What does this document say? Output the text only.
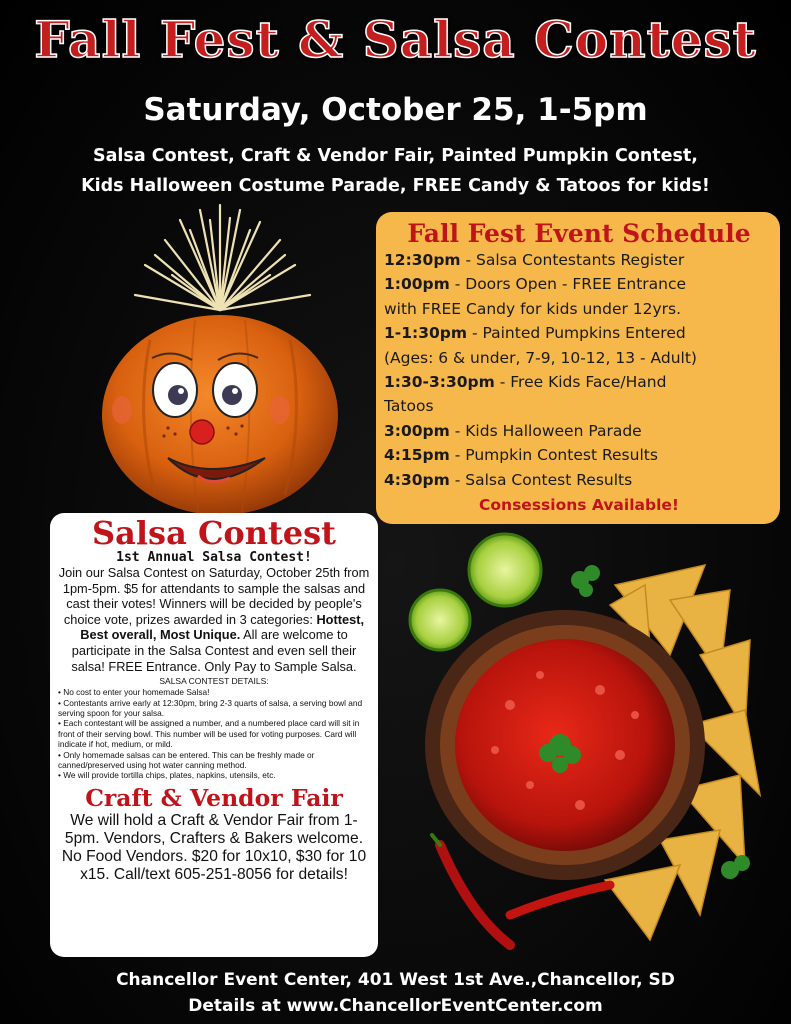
Fall Fest & Salsa Contest
Saturday, October 25, 1-5pm
Salsa Contest, Craft & Vendor Fair, Painted Pumpkin Contest,
Kids Halloween Costume Parade, FREE Candy & Tatoos for kids!
Fall Fest Event Schedule
12:30pm - Salsa Contestants Register
1:00pm - Doors Open - FREE Entrance
with FREE Candy for kids under 12yrs.
1-1:30pm - Painted Pumpkins Entered
(Ages: 6 & under, 7-9, 10-12, 13 - Adult)
1:30-3:30pm - Free Kids Face/Hand
Tatoos
3:00pm - Kids Halloween Parade
4:15pm - Pumpkin Contest Results
4:30pm - Salsa Contest Results
Consessions Available!
Salsa Contest
1st Annual Salsa Contest!
Join our Salsa Contest on Saturday, October 25th from 1pm-5pm. $5 for attendants to sample the salsas and cast their votes! Winners will be decided by people's choice vote, prizes awarded in 3 categories: Hottest, Best overall, Most Unique. All are welcome to participate in the Salsa Contest and even sell their salsa! FREE Entrance. Only Pay to Sample Salsa.
SALSA CONTEST DETAILS:
• No cost to enter your homemade Salsa!
• Contestants arrive early at 12:30pm, bring 2-3 quarts of salsa, a serving bowl and serving spoon for your salsa.
• Each contestant will be assigned a number, and a numbered place card will sit in front of their serving bowl. This number will be used for voting purposes. Card will indicate if hot, medium, or mild.
• Only homemade salsas can be entered. This can be freshly made or canned/preserved using hot water canning method.
• We will provide tortilla chips, plates, napkins, utensils, etc.
Craft & Vendor Fair
We will hold a Craft & Vendor Fair from 1-5pm. Vendors, Crafters & Bakers welcome. No Food Vendors. $20 for 10x10, $30 for 10 x15. Call/text 605-251-8056 for details!
Chancellor Event Center, 401 West 1st Ave.,Chancellor, SD
Details at www.ChancellorEventCenter.com
